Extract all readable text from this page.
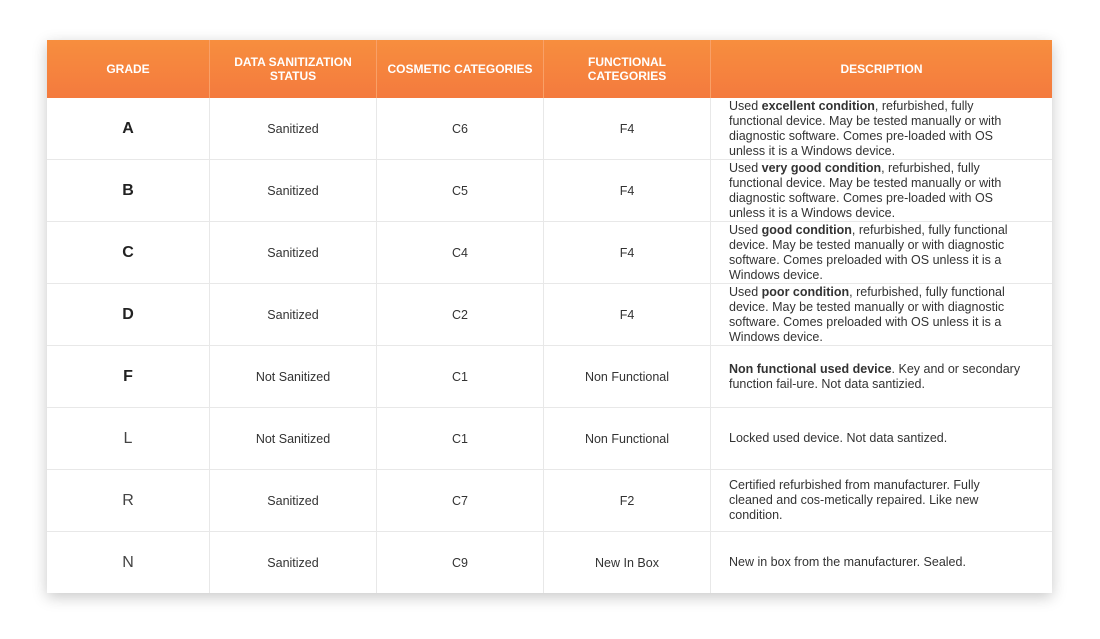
GRADE	DATA SANITIZATION STATUS	COSMETIC CATEGORIES	FUNCTIONAL CATEGORIES	DESCRIPTION
A	Sanitized	C6	F4	Used excellent condition, refurbished, fully functional device. May be tested manually or with diagnostic software. Comes pre-loaded with OS unless it is a Windows device.
B	Sanitized	C5	F4	Used very good condition, refurbished, fully functional device. May be tested manually or with diagnostic software. Comes pre-loaded with OS unless it is a Windows device.
C	Sanitized	C4	F4	Used good condition, refurbished, fully functional device. May be tested manually or with diagnostic software. Comes preloaded with OS unless it is a Windows device.
D	Sanitized	C2	F4	Used poor condition, refurbished, fully functional device. May be tested manually or with diagnostic software. Comes preloaded with OS unless it is a Windows device.
F	Not Sanitized	C1	Non Functional	Non functional used device. Key and or secondary function fail-ure. Not data santizied.
L	Not Sanitized	C1	Non Functional	Locked used device. Not data santized.
R	Sanitized	C7	F2	Certified refurbished from manufacturer. Fully cleaned and cos-metically repaired. Like new condition.
N	Sanitized	C9	New In Box	New in box from the manufacturer. Sealed.
